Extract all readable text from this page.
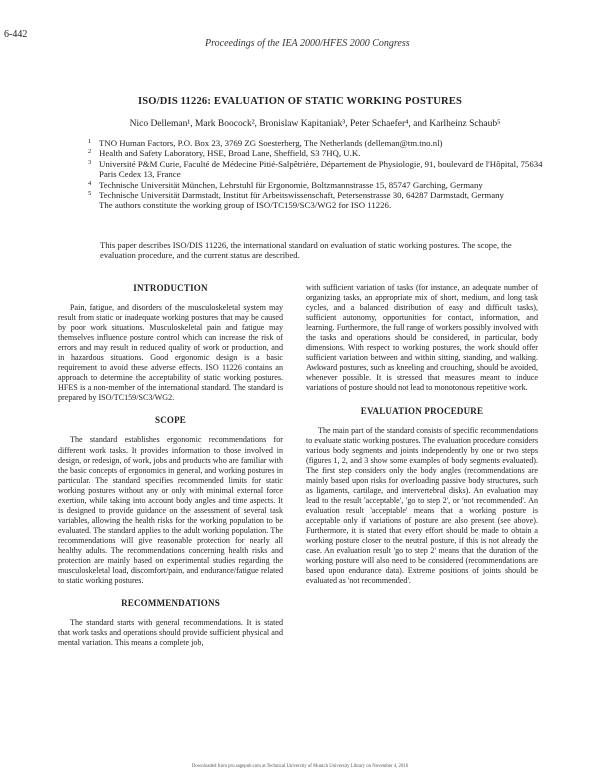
6-442
Proceedings of the IEA 2000/HFES 2000 Congress
ISO/DIS 11226: EVALUATION OF STATIC WORKING POSTURES
Nico Delleman¹, Mark Boocock², Bronislaw Kapitaniak³, Peter Schaefer⁴, and Karlheinz Schaub⁵
1 TNO Human Factors, P.O. Box 23, 3769 ZG Soesterberg, The Netherlands (delleman@tm.tno.nl)
2 Health and Safety Laboratory, HSE, Broad Lane, Sheffield, S3 7HQ, U.K.
3 Université P&M Curie, Faculté de Médecine Pitié-Salpêtrière, Département de Physiologie, 91, boulevard de l'Hôpital, 75634 Paris Cedex 13, France
4 Technische Universität München, Lehrstuhl für Ergonomie, Boltzmannstrasse 15, 85747 Garching, Germany
5 Technische Universität Darmstadt, Institut für Arbeitswissenschaft, Petersenstrasse 30, 64287 Darmstadt, Germany
The authors constitute the working group of ISO/TC159/SC3/WG2 for ISO 11226.
This paper describes ISO/DIS 11226, the international standard on evaluation of static working postures. The scope, the evaluation procedure, and the current status are described.
INTRODUCTION

Pain, fatigue, and disorders of the musculoskeletal system may result from static or inadequate working postures that may be caused by poor work situations. Musculoskeletal pain and fatigue may themselves influence posture control which can increase the risk of errors and may result in reduced quality of work or production, and in hazardous situations. Good ergonomic design is a basic requirement to avoid these adverse effects. ISO 11226 contains an approach to determine the acceptability of static working postures. HFES is a non-member of the international standard. The standard is prepared by ISO/TC159/SC3/WG2.

SCOPE

The standard establishes ergonomic recommendations for different work tasks. It provides information to those involved in design, or redesign, of work, jobs and products who are familiar with the basic concepts of ergonomics in general, and working postures in particular. The standard specifies recommended limits for static working postures without any or only with minimal external force exertion, while taking into account body angles and time aspects. It is designed to provide guidance on the assessment of several task variables, allowing the health risks for the working population to be evaluated. The standard applies to the adult working population. The recommendations will give reasonable protection for nearly all healthy adults. The recommendations concerning health risks and protection are mainly based on experimental studies regarding the musculoskeletal load, discomfort/pain, and endurance/fatigue related to static working postures.

RECOMMENDATIONS

The standard starts with general recommendations. It is stated that work tasks and operations should provide sufficient physical and mental variation. This means a complete job,

with sufficient variation of tasks (for instance, an adequate number of organizing tasks, an appropriate mix of short, medium, and long task cycles, and a balanced distribution of easy and difficult tasks), sufficient autonomy, opportunities for contact, information, and learning. Furthermore, the full range of workers possibly involved with the tasks and operations should be considered, in particular, body dimensions. With respect to working postures, the work should offer sufficient variation between and within sitting, standing, and walking. Awkward postures, such as kneeling and crouching, should be avoided, whenever possible. It is stressed that measures meant to induce variations of posture should not lead to monotonous repetitive work.

EVALUATION PROCEDURE

The main part of the standard consists of specific recommendations to evaluate static working postures. The evaluation procedure considers various body segments and joints independently by one or two steps (figures 1, 2, and 3 show some examples of body segments evaluated). The first step considers only the body angles (recommendations are mainly based upon risks for overloading passive body structures, such as ligaments, cartilage, and intervertebral disks). An evaluation may lead to the result 'acceptable', 'go to step 2', or 'not recommended'. An evaluation result 'acceptable' means that a working posture is acceptable only if variations of posture are also present (see above). Furthermore, it is stated that every effort should be made to obtain a working posture closer to the neutral posture, if this is not already the case. An evaluation result 'go to step 2' means that the duration of the working posture will also need to be considered (recommendations are based upon endurance data). Extreme positions of joints should be evaluated as 'not recommended'.

Downloaded from pro.sagepub.com at Technical University of Munich University Library on November 4, 2016
